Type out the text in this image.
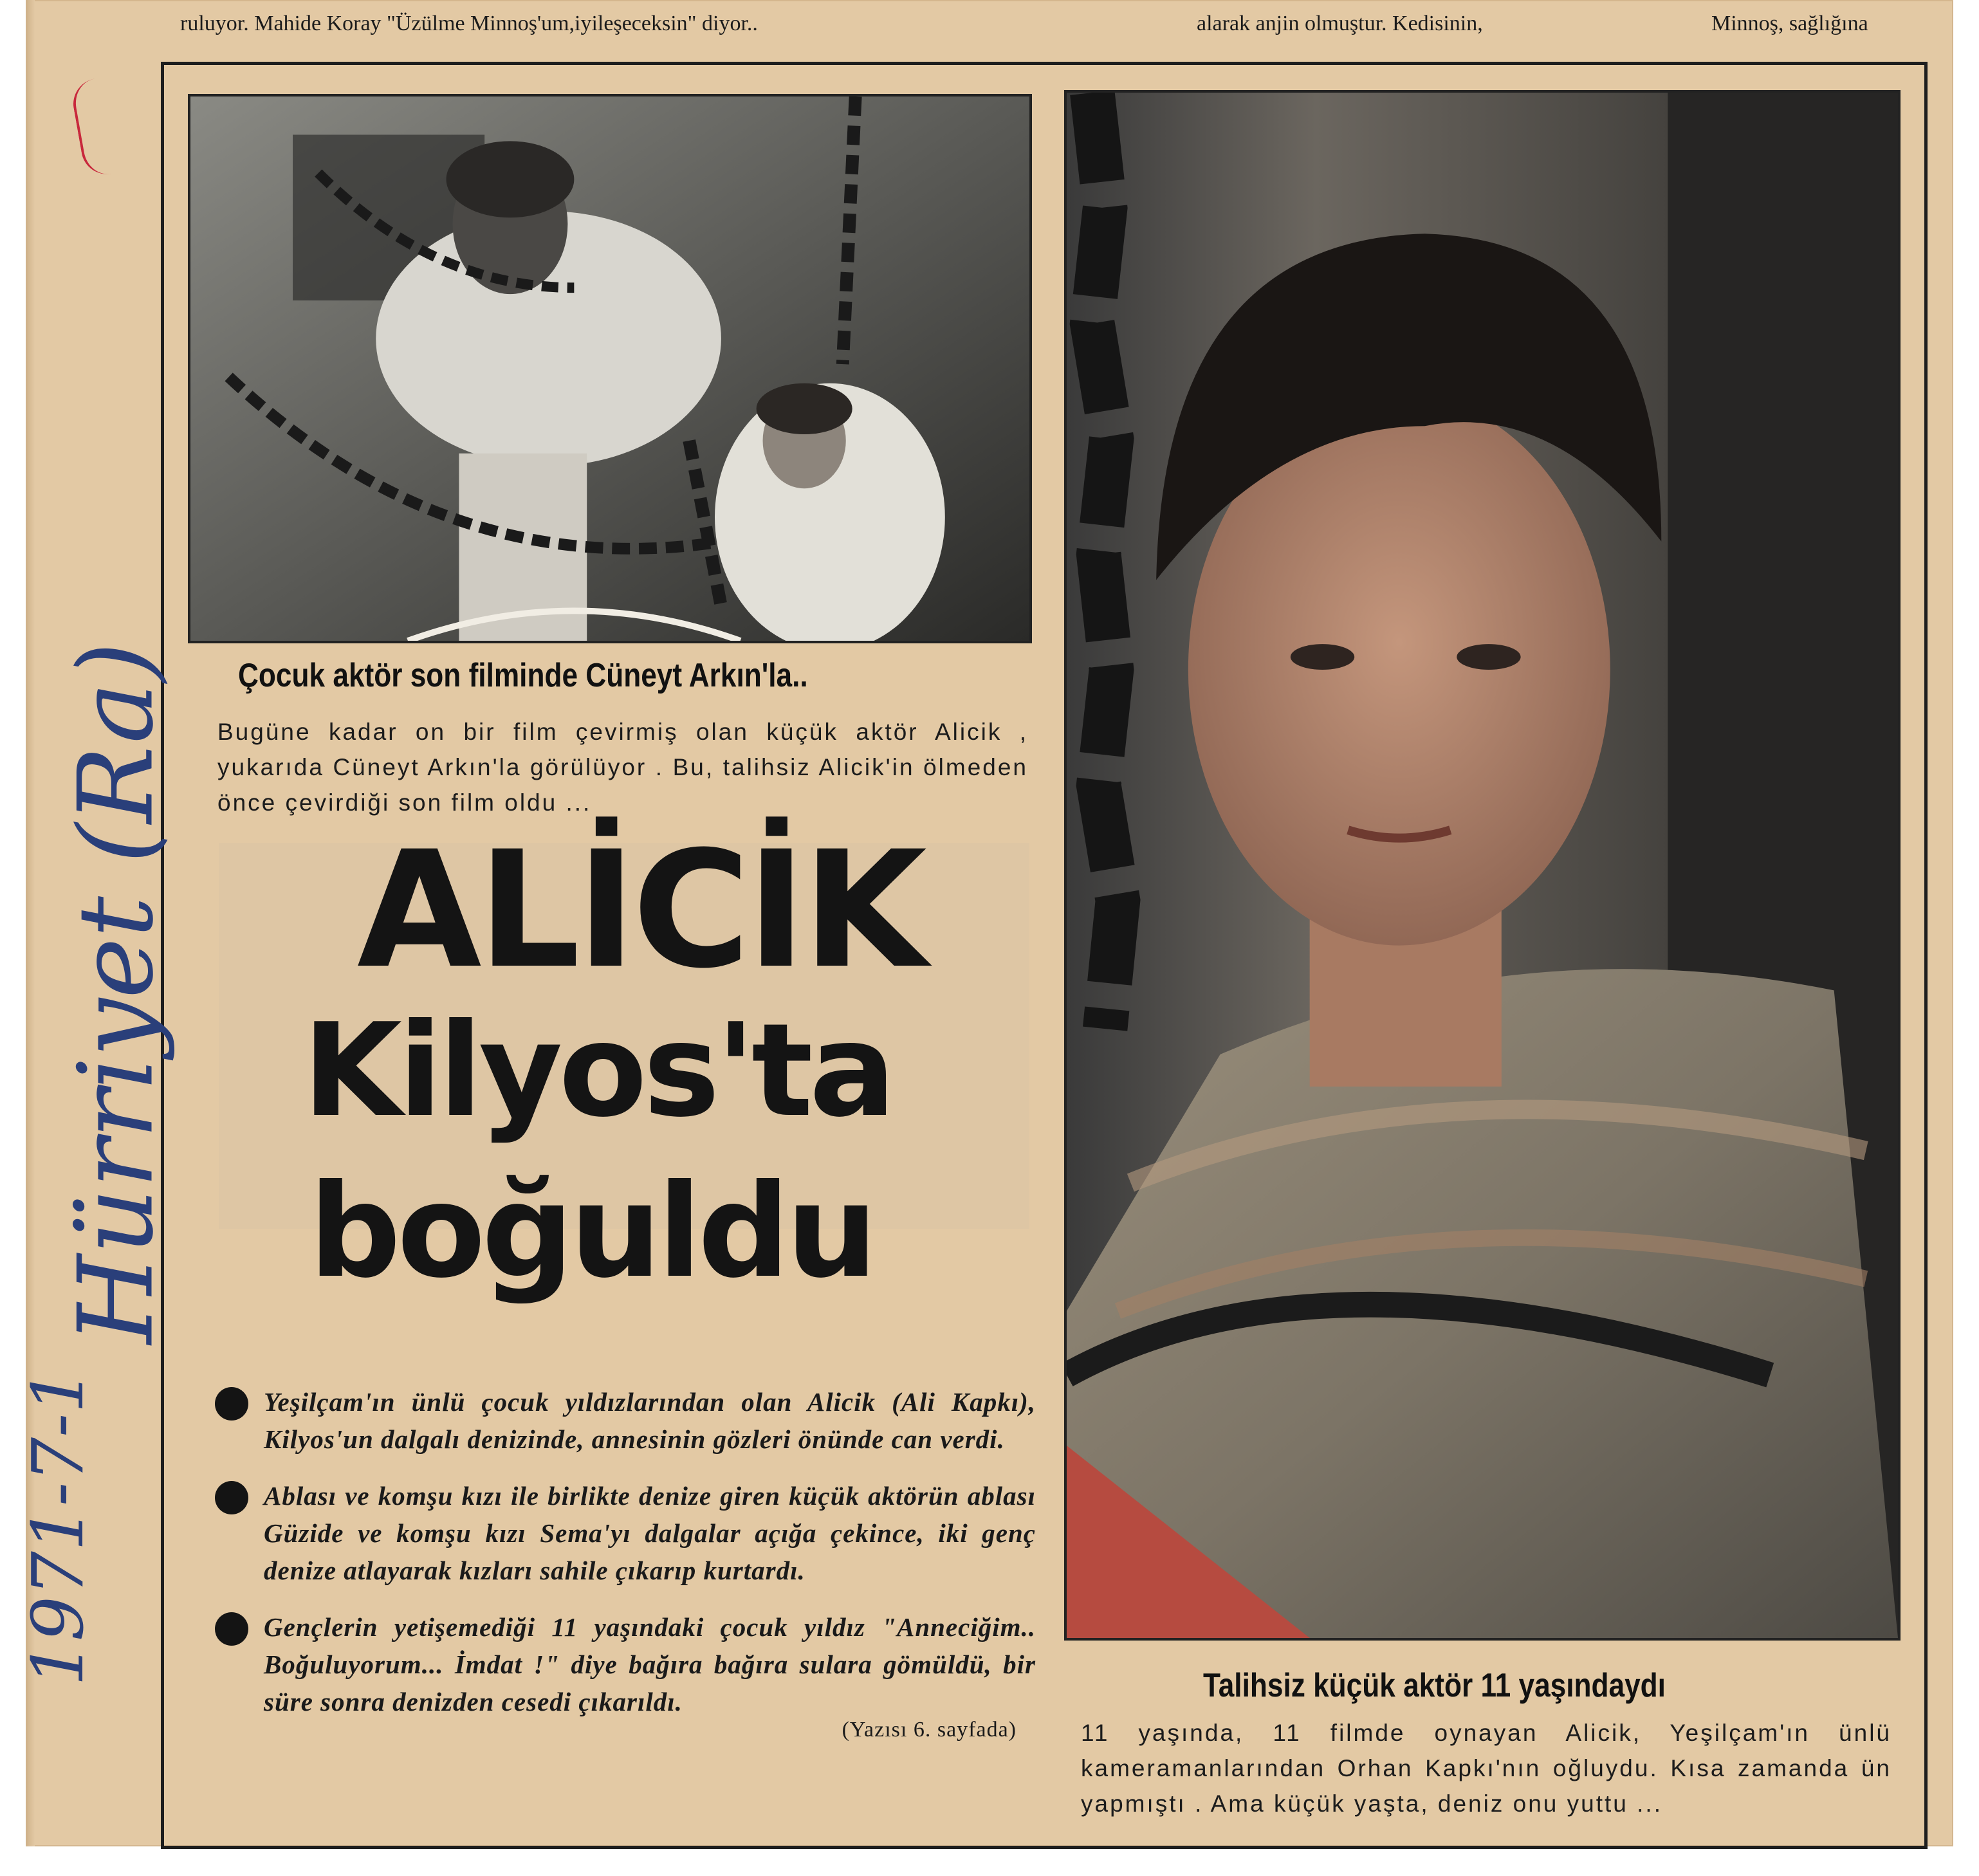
ruluyor. Mahide Koray "Üzülme Minnoş'um,iyileşeceksin" diyor..	alarak anjin olmuştur. Kedisinin,	Minnoş, sağlığına
Çocuk aktör son filminde Cüneyt Arkın'la..
Bugüne kadar on bir film çevirmiş olan küçük aktör Alicik , yukarıda Cüneyt Arkın'la görülüyor . Bu, talihsiz Alicik'in ölmeden önce çevirdiği son film oldu ...
ALİCİK
Kilyos'ta
boğuldu
Yeşilçam'ın ünlü çocuk yıldızlarından olan Alicik (Ali Kapkı), Kilyos'un dalgalı denizinde, annesinin gözleri önünde can verdi.
Ablası ve komşu kızı ile birlikte denize giren küçük aktörün ablası Güzide ve komşu kızı Sema'yı dalgalar açığa çekince, iki genç denize atlayarak kızları sahile çıkarıp kurtardı.
Gençlerin yetişemediği 11 yaşındaki çocuk yıldız "Anneciğim.. Boğuluyorum... İmdat !" diye bağıra bağıra sulara gömüldü, bir süre sonra denizden cesedi çıkarıldı.
(Yazısı 6. sayfada)
Talihsiz küçük aktör 11 yaşındaydı
11 yaşında, 11 filmde oynayan Alicik, Yeşilçam'ın ünlü kameramanlarından Orhan Kapkı'nın oğluydu. Kısa zamanda ün yapmıştı . Ama küçük yaşta, deniz onu yuttu ...
Hürriyet (Ra)
1971-7-1
